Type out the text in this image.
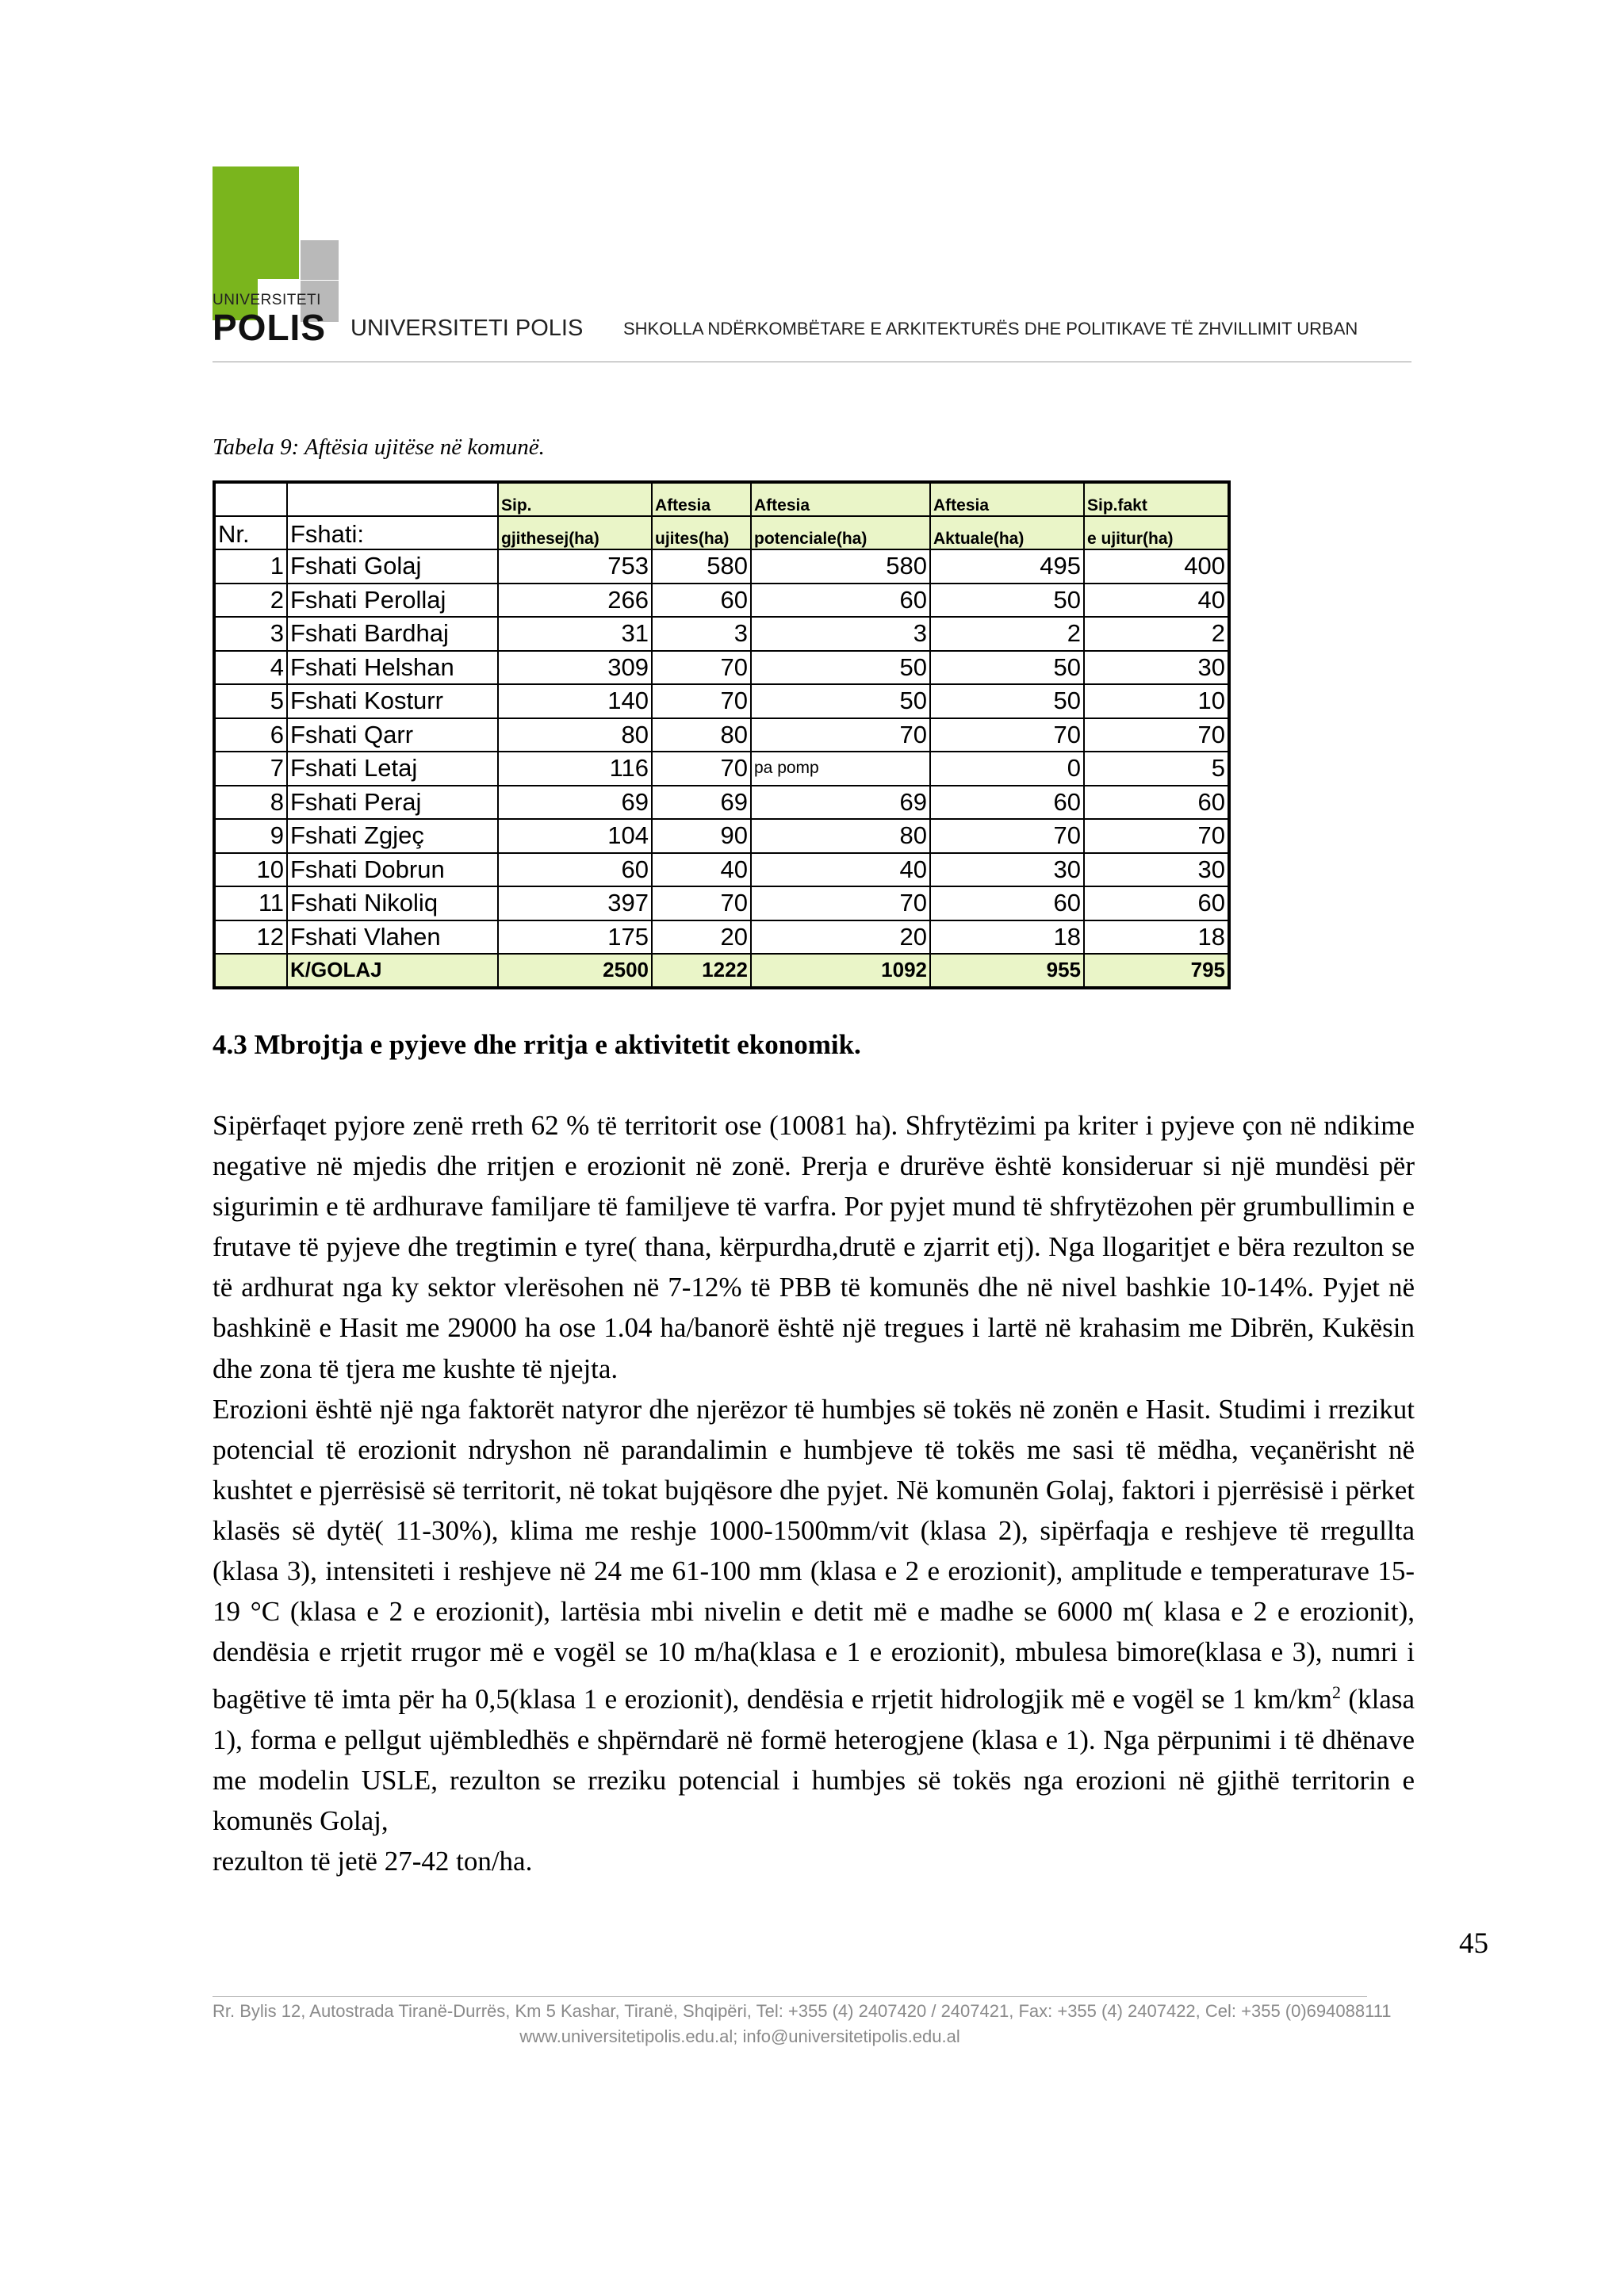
UNIVERSITETI
POLIS UNIVERSITETI POLIS SHKOLLA NDËRKOMBËTARE E ARKITEKTURËS DHE POLITIKAVE TË ZHVILLIMIT URBAN
Tabela 9: Aftësia ujitëse në komunë.
		Sip.	Aftesia	Aftesia	Aftesia	Sip.fakt
Nr.	Fshati:	gjithesej(ha)	ujites(ha)	potenciale(ha)	Aktuale(ha)	e ujitur(ha)
1	Fshati Golaj	753	580	580	495	400
2	Fshati Perollaj	266	60	60	50	40
3	Fshati Bardhaj	31	3	3	2	2
4	Fshati Helshan	309	70	50	50	30
5	Fshati Kosturr	140	70	50	50	10
6	Fshati Qarr	80	80	70	70	70
7	Fshati Letaj	116	70	pa pomp	0	5
8	Fshati Peraj	69	69	69	60	60
9	Fshati Zgjeç	104	90	80	70	70
10	Fshati Dobrun	60	40	40	30	30
11	Fshati Nikoliq	397	70	70	60	60
12	Fshati Vlahen	175	20	20	18	18
	K/GOLAJ	2500	1222	1092	955	795
4.3 Mbrojtja e pyjeve dhe rritja e aktivitetit ekonomik.

Sipërfaqet pyjore zenë rreth 62 % të territorit ose (10081 ha). Shfrytëzimi pa kriter i pyjeve çon në ndikime negative në mjedis dhe rritjen e erozionit në zonë. Prerja e drurëve është konsideruar si një mundësi për sigurimin e të ardhurave familjare të familjeve të varfra. Por pyjet mund të shfrytëzohen për grumbullimin e frutave të pyjeve dhe tregtimin e tyre( thana, kërpurdha,drutë e zjarrit etj). Nga llogaritjet e bëra rezulton se të ardhurat nga ky sektor vlerësohen në 7-12% të PBB të komunës dhe në nivel bashkie 10-14%. Pyjet në bashkinë e Hasit me 29000 ha ose 1.04 ha/banorë është një tregues i lartë në krahasim me Dibrën, Kukësin dhe zona të tjera me kushte të njejta.

Erozioni është një nga faktorët natyror dhe njerëzor të humbjes së tokës në zonën e Hasit. Studimi i rrezikut potencial të erozionit ndryshon në parandalimin e humbjeve të tokës me sasi të mëdha, veçanërisht në kushtet e pjerrësisë së territorit, në tokat bujqësore dhe pyjet. Në komunën Golaj, faktori i pjerrësisë i përket klasës së dytë( 11-30%), klima me reshje 1000-1500mm/vit (klasa 2), sipërfaqja e reshjeve të rregullta (klasa 3), intensiteti i reshjeve në 24 me 61-100 mm (klasa e 2 e erozionit), amplitude e temperaturave 15-19 °C (klasa e 2 e erozionit), lartësia mbi nivelin e detit më e madhe se 6000 m( klasa e 2 e erozionit), dendësia e rrjetit rrugor më e vogël se 10 m/ha(klasa e 1 e erozionit), mbulesa bimore(klasa e 3), numri i bagëtive të imta për ha 0,5(klasa 1 e erozionit), dendësia e rrjetit hidrologjik më e vogël se 1 $km/km^2$ (klasa 1), forma e pellgut ujëmbledhës e shpërndarë në formë heterogjene (klasa e 1). Nga përpunimi i të dhënave me modelin USLE, rezulton se rreziku potencial i humbjes së tokës nga erozioni në gjithë territorin e komunës Golaj,

rezulton të jetë 27-42 ton/ha.

45
Rr. Bylis 12, Autostrada Tiranë-Durrës, Km 5 Kashar, Tiranë, Shqipëri, Tel: +355 (4) 2407420 / 2407421, Fax: +355 (4) 2407422, Cel: +355 (0)694088111
www.universitetipolis.edu.al; info@universitetipolis.edu.al
